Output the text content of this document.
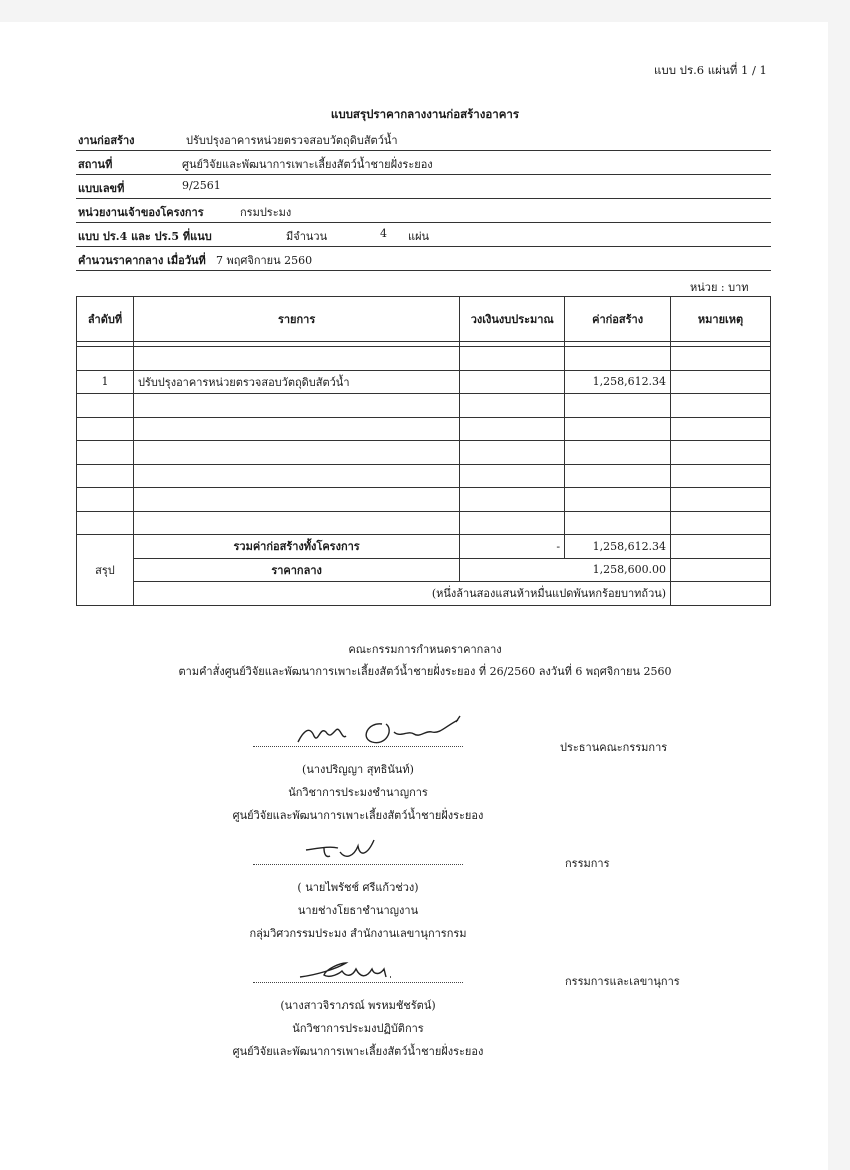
แบบ ปร.6 แผ่นที่ 1 / 1
แบบสรุปราคากลางงานก่อสร้างอาคาร
งานก่อสร้าง	ปรับปรุงอาคารหน่วยตรวจสอบวัตถุดิบสัตว์น้ำ
สถานที่	ศูนย์วิจัยและพัฒนาการเพาะเลี้ยงสัตว์น้ำชายฝั่งระยอง
แบบเลขที่	9/2561
หน่วยงานเจ้าของโครงการ	กรมประมง
แบบ ปร.4 และ ปร.5 ที่แนบ	มีจำนวน	4 แผ่น
คำนวนราคากลาง เมื่อวันที่ 7 พฤศจิกายน 2560
หน่วย : บาท
ลำดับที่	รายการ	วงเงินงบประมาณ	ค่าก่อสร้าง	หมายเหตุ

1	ปรับปรุงอาคารหน่วยตรวจสอบวัตถุดิบสัตว์น้ำ		1,258,612.34	

สรุป	รวมค่าก่อสร้างทั้งโครงการ	-	1,258,612.34	
	ราคากลาง	1,258,600.00		
	(หนึ่งล้านสองแสนห้าหมื่นแปดพันหกร้อยบาทถ้วน)			
คณะกรรมการกำหนดราคากลาง
ตามคำสั่งศูนย์วิจัยและพัฒนาการเพาะเลี้ยงสัตว์น้ำชายฝั่งระยอง ที่ 26/2560 ลงวันที่ 6 พฤศจิกายน 2560
ประธานคณะกรรมการ
(นางปริญญา สุทธินันท์)
นักวิชาการประมงชำนาญการ
ศูนย์วิจัยและพัฒนาการเพาะเลี้ยงสัตว์น้ำชายฝั่งระยอง
กรรมการ
( นายไพรัชช์ ศรีแก้วช่วง)
นายช่างโยธาชำนาญงาน
กลุ่มวิศวกรรมประมง สำนักงานเลขานุการกรม
กรรมการและเลขานุการ
(นางสาวจิราภรณ์ พรหมชัชรัตน์)
นักวิชาการประมงปฏิบัติการ
ศูนย์วิจัยและพัฒนาการเพาะเลี้ยงสัตว์น้ำชายฝั่งระยอง
